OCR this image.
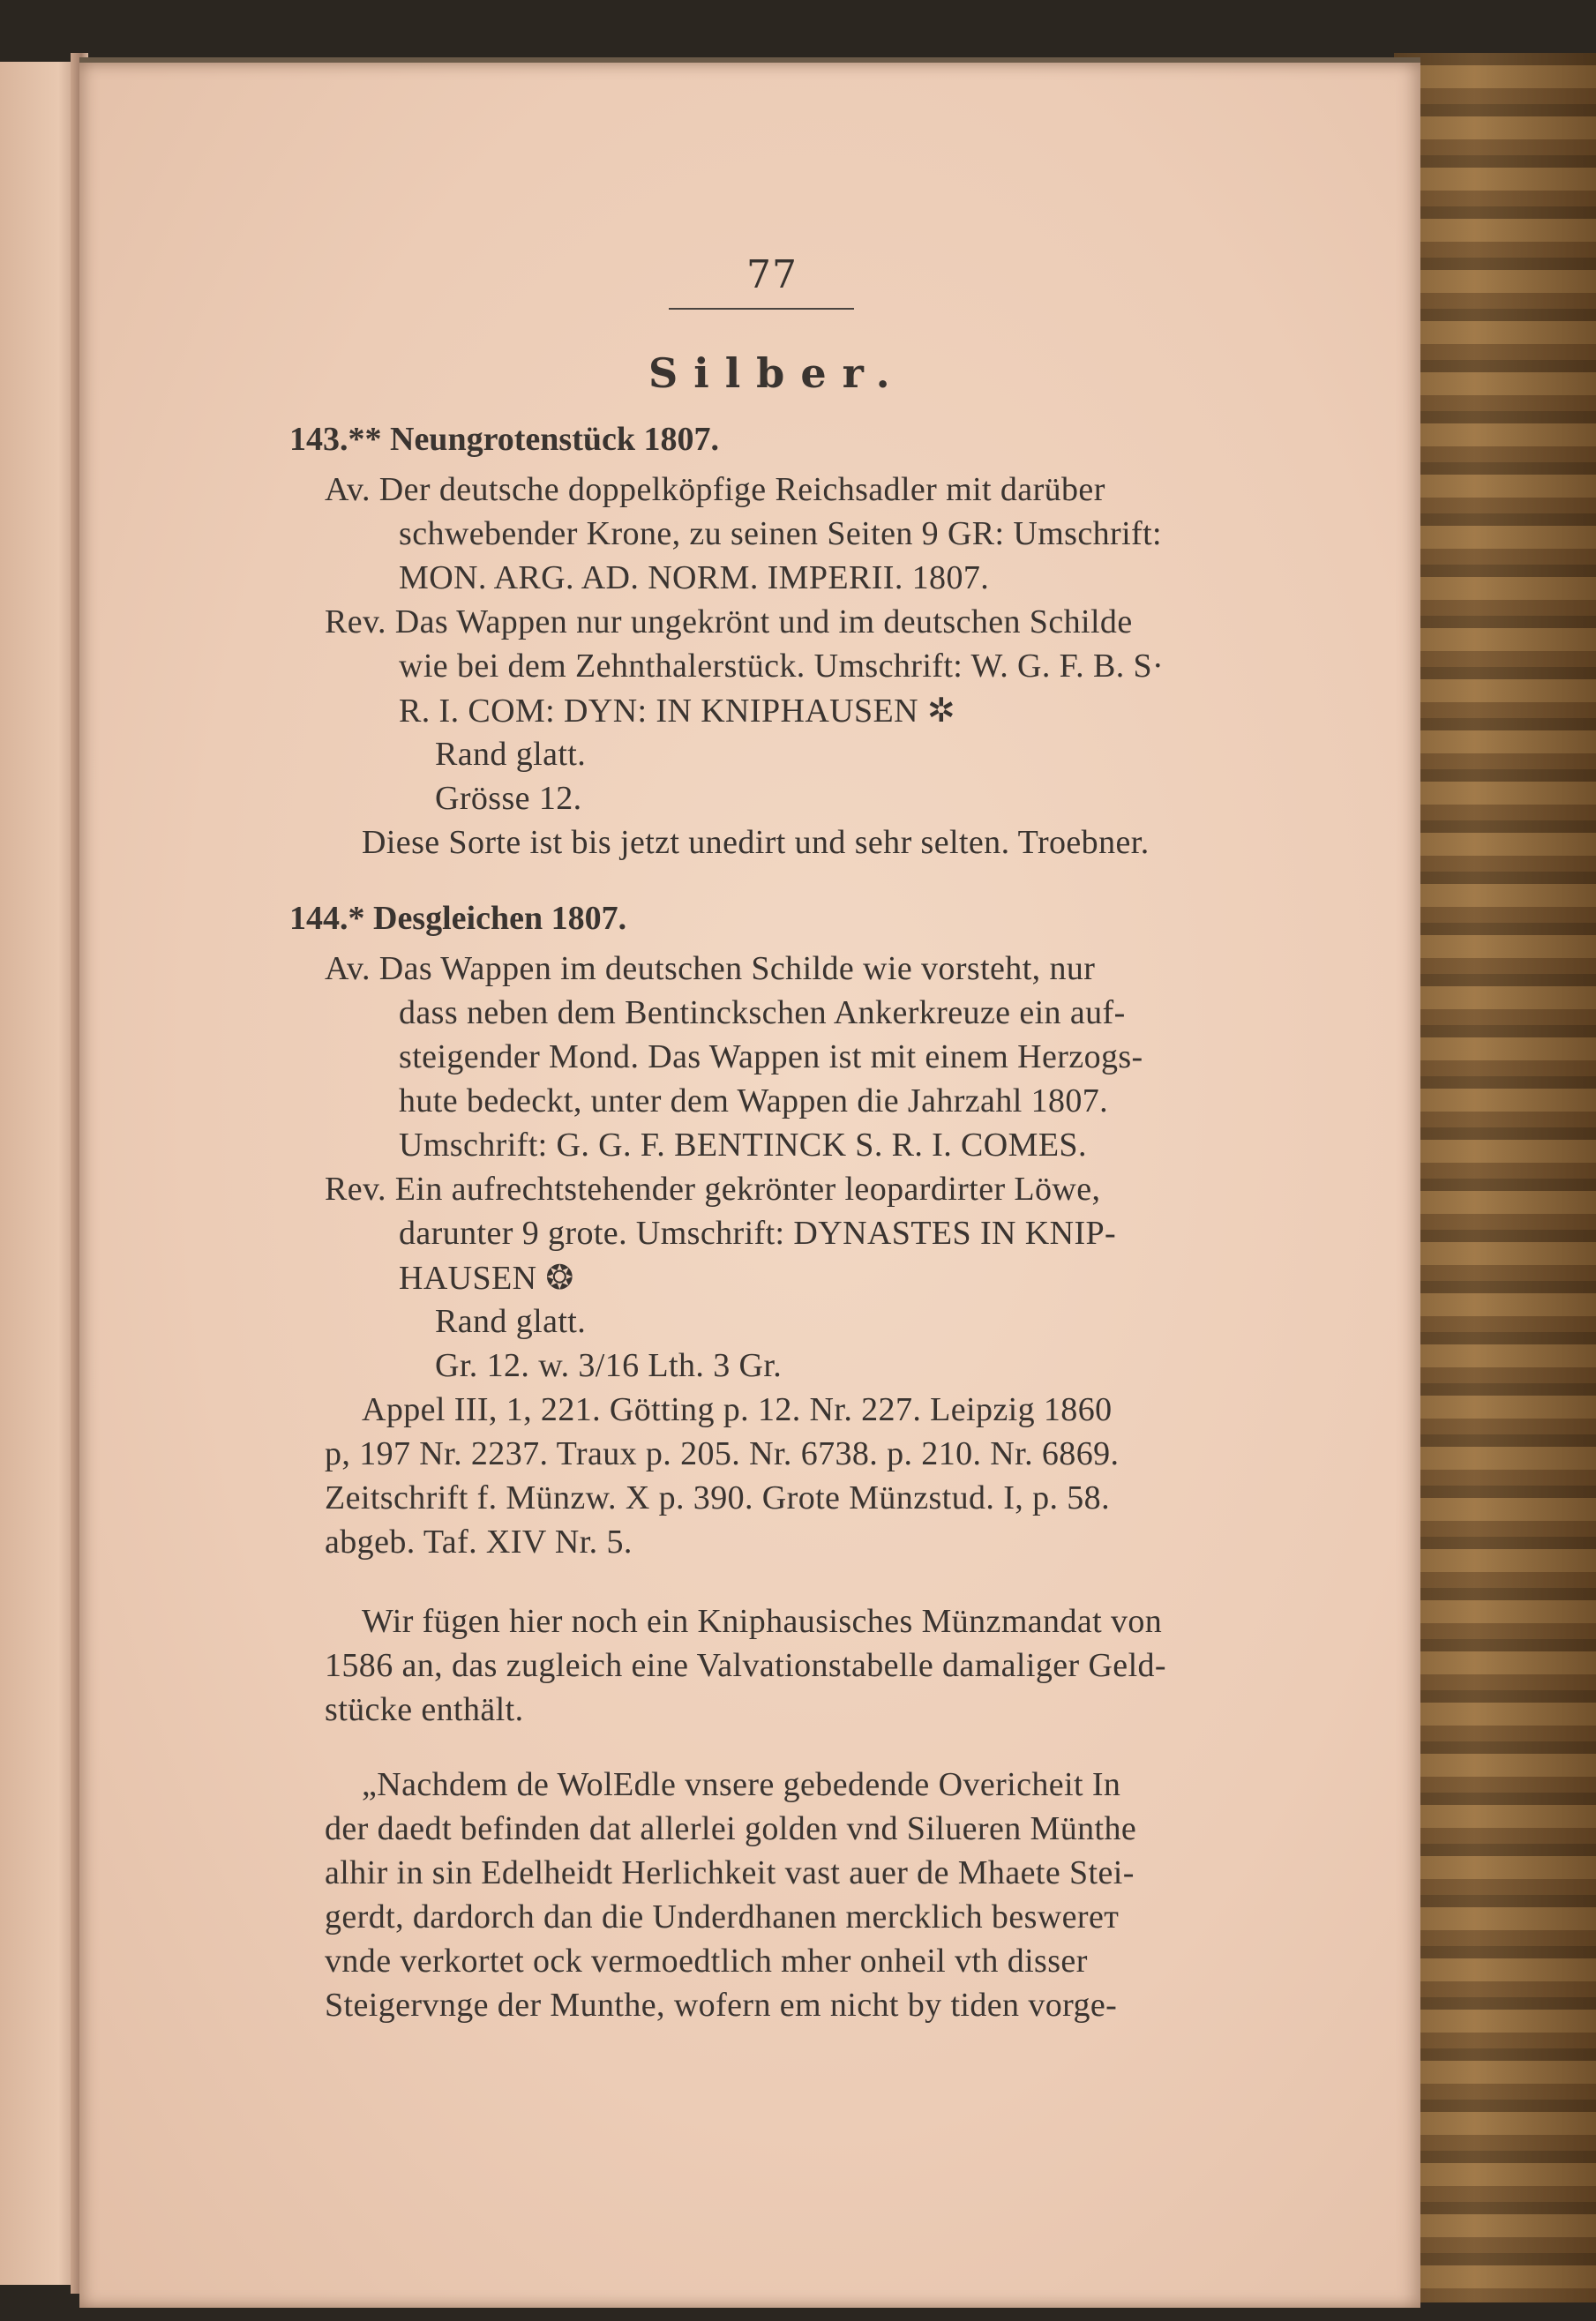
77
Silber.
143.** Neungrotenstück 1807.
Av. Der deutsche doppelköpfige Reichsadler mit darüber
schwebender Krone, zu seinen Seiten 9 GR: Umschrift:
MON. ARG. AD. NORM. IMPERII. 1807.
Rev. Das Wappen nur ungekrönt und im deutschen Schilde
wie bei dem Zehnthalerstück. Umschrift: W. G. F. B. S·
R. I. COM: DYN: IN KNIPHAUSEN ✲
Rand glatt.
Grösse 12.
Diese Sorte ist bis jetzt unedirt und sehr selten. Troebner.
144.* Desgleichen 1807.
Av. Das Wappen im deutschen Schilde wie vorsteht, nur
dass neben dem Bentinckschen Ankerkreuze ein auf-
steigender Mond. Das Wappen ist mit einem Herzogs-
hute bedeckt, unter dem Wappen die Jahrzahl 1807.
Umschrift: G. G. F. BENTINCK S. R. I. COMES.
Rev. Ein aufrechtstehender gekrönter leopardirter Löwe,
darunter 9 grote. Umschrift: DYNASTES IN KNIP-
HAUSEN ❂
Rand glatt.
Gr. 12. w. 3/16 Lth. 3 Gr.
Appel III, 1, 221. Götting p. 12. Nr. 227. Leipzig 1860
p, 197 Nr. 2237. Traux p. 205. Nr. 6738. p. 210. Nr. 6869.
Zeitschrift f. Münzw. X p. 390. Grote Münzstud. I, p. 58.
abgeb. Taf. XIV Nr. 5.
Wir fügen hier noch ein Kniphausisches Münzmandat von
1586 an, das zugleich eine Valvationstabelle damaliger Geld-
stücke enthält.
„Nachdem de WolEdle vnsere gebedende Overicheit In
der daedt befinden dat allerlei golden vnd Silueren Münthe
alhir in sin Edelheidt Herlichkeit vast auer de Mhaete Stei-
gerdt, dardorch dan die Underdhanen mercklich beswerет
vnde verkortet ock vermoedtlich mher onheil vth disser
Steigervnge der Munthe, wofern em nicht by tiden vorge-
